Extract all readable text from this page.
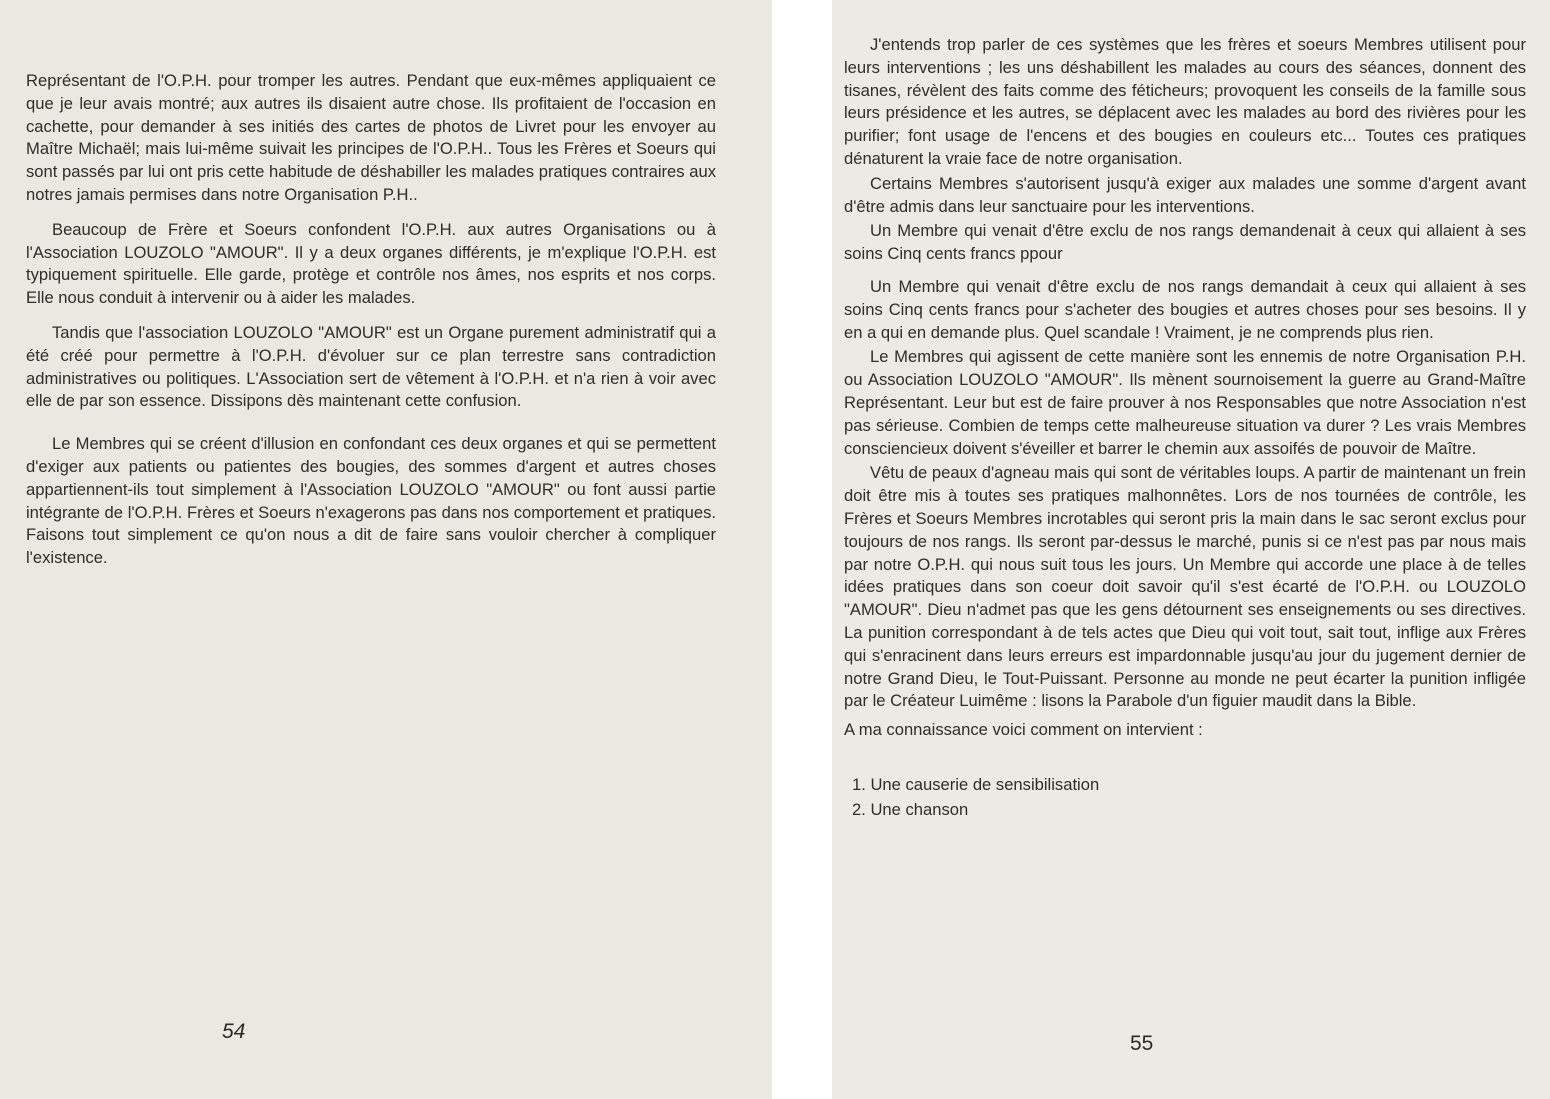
Représentant de l'O.P.H. pour tromper les autres. Pendant que eux-mêmes appliquaient ce que je leur avais montré; aux autres ils disaient autre chose. Ils profitaient de l'occasion en cachette, pour demander à ses initiés des cartes de photos de Livret pour les envoyer au Maître Michaël; mais lui-même suivait les principes de l'O.P.H.. Tous les Frères et Soeurs qui sont passés par lui ont pris cette habitude de déshabiller les malades pratiques contraires aux notres jamais permises dans notre Organisation P.H..

Beaucoup de Frère et Soeurs confondent l'O.P.H. aux autres Organisations ou à l'Association LOUZOLO "AMOUR". Il y a deux organes différents, je m'explique l'O.P.H. est typiquement spirituelle. Elle garde, protège et contrôle nos âmes, nos esprits et nos corps. Elle nous conduit à intervenir ou à aider les malades.

Tandis que l'association LOUZOLO "AMOUR" est un Organe purement administratif qui a été créé pour permettre à l'O.P.H. d'évoluer sur ce plan terrestre sans contradiction administratives ou politiques. L'Association sert de vêtement à l'O.P.H. et n'a rien à voir avec elle de par son essence. Dissipons dès maintenant cette confusion.

Le Membres qui se créent d'illusion en confondant ces deux organes et qui se permettent d'exiger aux patients ou patientes des bougies, des sommes d'argent et autres choses appartiennent-ils tout simplement à l'Association LOUZOLO "AMOUR" ou font aussi partie intégrante de l'O.P.H. Frères et Soeurs n'exagerons pas dans nos comportement et pratiques. Faisons tout simplement ce qu'on nous a dit de faire sans vouloir chercher à compliquer l'existence.

54

J'entends trop parler de ces systèmes que les frères et soeurs Membres utilisent pour leurs interventions ; les uns déshabillent les malades au cours des séances, donnent des tisanes, révèlent des faits comme des féticheurs; provoquent les conseils de la famille sous leurs présidence et les autres, se déplacent avec les malades au bord des rivières pour les purifier; font usage de l'encens et des bougies en couleurs etc... Toutes ces pratiques dénaturent la vraie face de notre organisation.

Certains Membres s'autorisent jusqu'à exiger aux malades une somme d'argent avant d'être admis dans leur sanctuaire pour les interventions.

Un Membre qui venait d'être exclu de nos rangs demandenait à ceux qui allaient à ses soins Cinq cents francs ppour

Un Membre qui venait d'être exclu de nos rangs demandait à ceux qui allaient à ses soins Cinq cents francs pour s'acheter des bougies et autres choses pour ses besoins. Il y en a qui en demande plus. Quel scandale ! Vraiment, je ne comprends plus rien.

Le Membres qui agissent de cette manière sont les ennemis de notre Organisation P.H. ou Association LOUZOLO "AMOUR". Ils mènent sournoisement la guerre au Grand-Maître Représentant. Leur but est de faire prouver à nos Responsables que notre Association n'est pas sérieuse. Combien de temps cette malheureuse situation va durer ? Les vrais Membres consciencieux doivent s'éveiller et barrer le chemin aux assoifés de pouvoir de Maître.

Vêtu de peaux d'agneau mais qui sont de véritables loups. A partir de maintenant un frein doit être mis à toutes ses pratiques malhonnêtes. Lors de nos tournées de contrôle, les Frères et Soeurs Membres incrotables qui seront pris la main dans le sac seront exclus pour toujours de nos rangs. Ils seront par-dessus le marché, punis si ce n'est pas par nous mais par notre O.P.H. qui nous suit tous les jours. Un Membre qui accorde une place à de telles idées pratiques dans son coeur doit savoir qu'il s'est écarté de l'O.P.H. ou LOUZOLO "AMOUR". Dieu n'admet pas que les gens détournent ses enseignements ou ses directives. La punition correspondant à de tels actes que Dieu qui voit tout, sait tout, inflige aux Frères qui s'enracinent dans leurs erreurs est impardonnable jusqu'au jour du jugement dernier de notre Grand Dieu, le Tout-Puissant. Personne au monde ne peut écarter la punition infligée par le Créateur Luimême : lisons la Parabole d'un figuier maudit dans la Bible.

A ma connaissance voici comment on intervient :

1. Une causerie de sensibilisation
2. Une chanson
55
